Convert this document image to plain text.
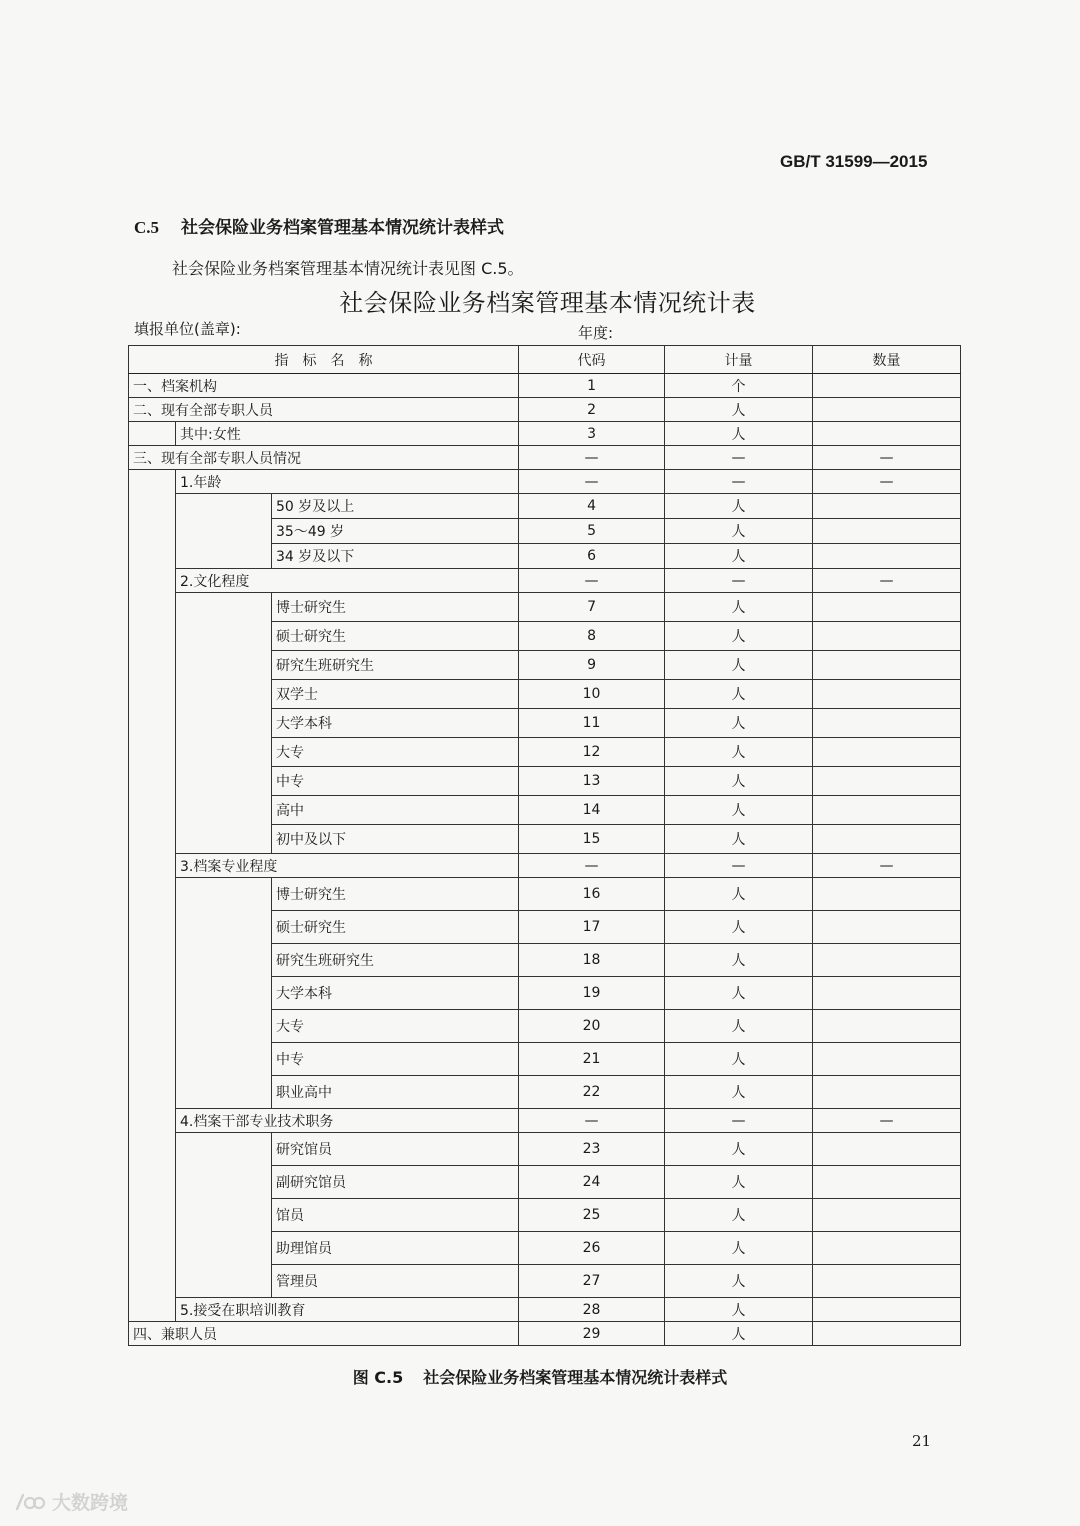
GB/T 31599—2015
C.5 社会保险业务档案管理基本情况统计表样式
社会保险业务档案管理基本情况统计表见图 C.5。
社会保险业务档案管理基本情况统计表
填报单位(盖章):	年度:
指　标　名　称			代码	计量	数量
一、档案机构			1	个	
二、现有全部专职人员			2	人	
	其中:女性		3	人	
三、现有全部专职人员情况			—	—	—
	1.年龄		—	—	—
		50 岁及以上	4	人	
		35～49 岁	5	人	
		34 岁及以下	6	人	
	2.文化程度		—	—	—
		博士研究生	7	人	
		硕士研究生	8	人	
		研究生班研究生	9	人	
		双学士	10	人	
		大学本科	11	人	
		大专	12	人	
		中专	13	人	
		高中	14	人	
		初中及以下	15	人	
	3.档案专业程度		—	—	—
		博士研究生	16	人	
		硕士研究生	17	人	
		研究生班研究生	18	人	
		大学本科	19	人	
		大专	20	人	
		中专	21	人	
		职业高中	22	人	
	4.档案干部专业技术职务		—	—	—
		研究馆员	23	人	
		副研究馆员	24	人	
		馆员	25	人	
		助理馆员	26	人	
		管理员	27	人	
	5.接受在职培训教育		28	人	
四、兼职人员			29	人	
图 C.5 社会保险业务档案管理基本情况统计表样式
21
大数跨境
